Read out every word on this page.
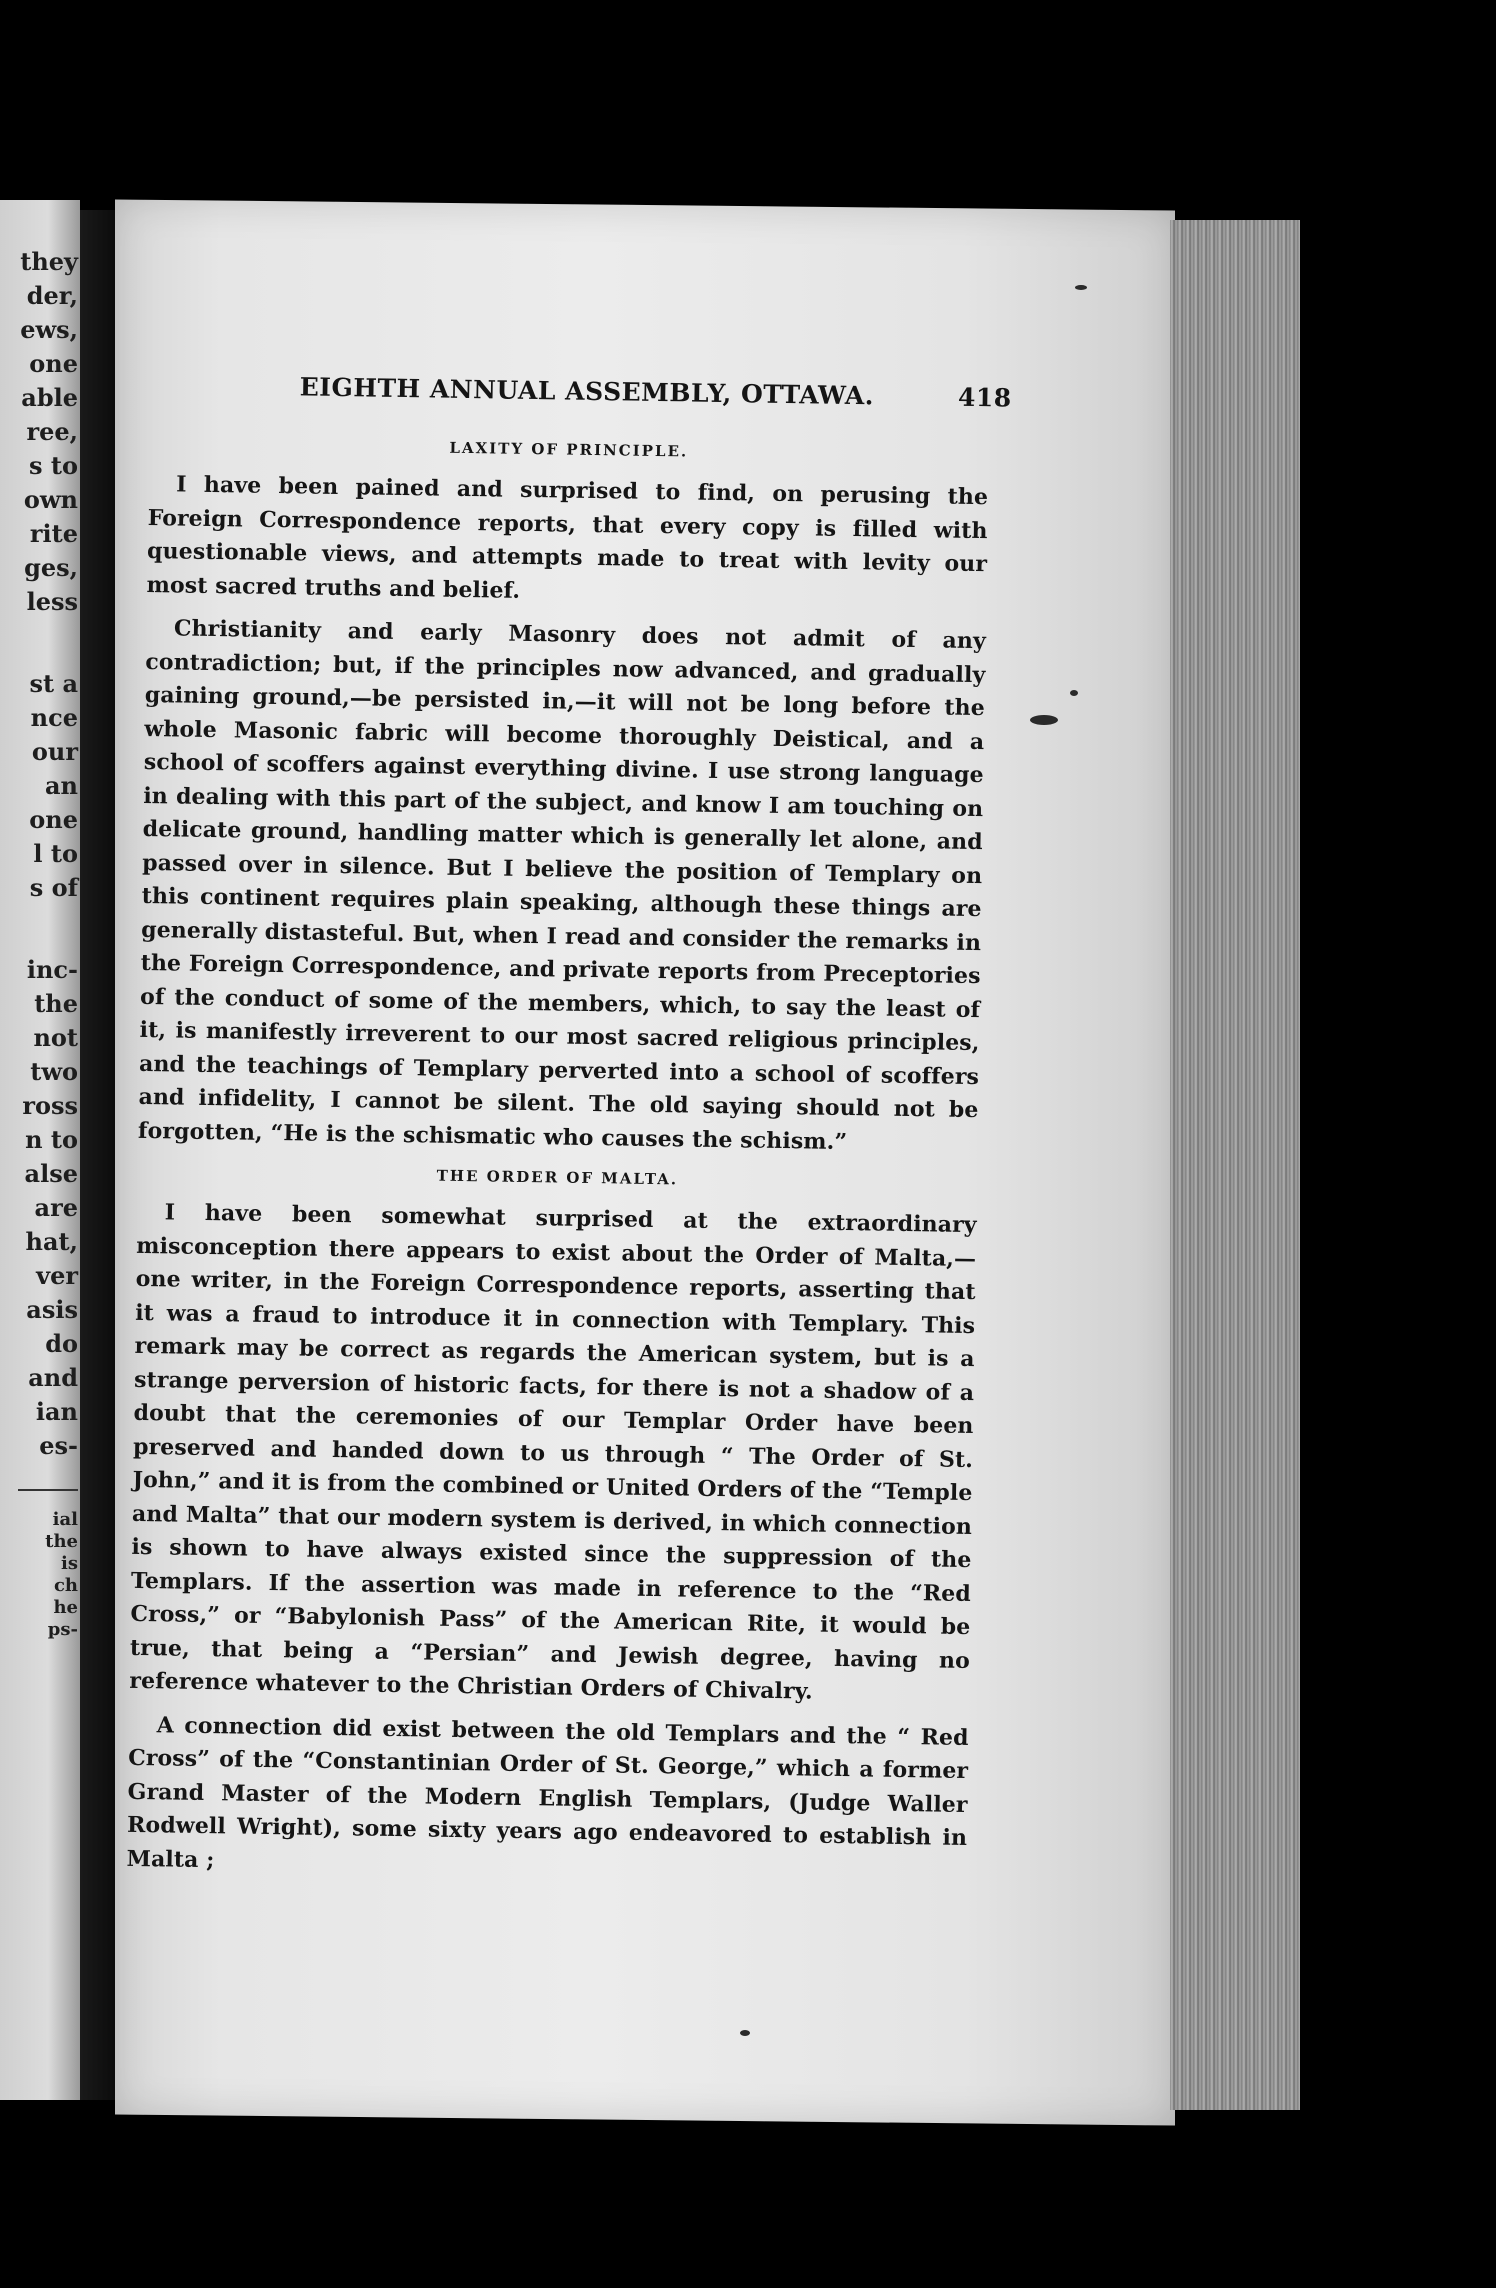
they
der,
ews,
one
able
ree,
s to
own
rite
ges,
less
st a
nce
our
an
one
l to
s of
inc-
the
not
two
ross
n to
alse
are
hat,
ver
asis
do
and
ian
es-
ial
the
is
ch
he
ps-
EIGHTH ANNUAL ASSEMBLY, OTTAWA.	418
LAXITY OF PRINCIPLE.

I have been pained and surprised to find, on perusing the Foreign Correspondence reports, that every copy is filled with questionable views, and attempts made to treat with levity our most sacred truths and belief.

Christianity and early Masonry does not admit of any contradiction; but, if the principles now advanced, and gradually gaining ground,—be persisted in,—it will not be long before the whole Masonic fabric will become thoroughly Deistical, and a school of scoffers against everything divine. I use strong language in dealing with this part of the subject, and know I am touching on delicate ground, handling matter which is generally let alone, and passed over in silence. But I believe the position of Templary on this continent requires plain speaking, although these things are generally distasteful. But, when I read and consider the remarks in the Foreign Correspondence, and private reports from Preceptories of the conduct of some of the members, which, to say the least of it, is manifestly irreverent to our most sacred religious principles, and the teachings of Templary perverted into a school of scoffers and infidelity, I cannot be silent. The old saying should not be forgotten, “He is the schismatic who causes the schism.”

THE ORDER OF MALTA.

I have been somewhat surprised at the extraordinary misconception there appears to exist about the Order of Malta,—one writer, in the Foreign Correspondence reports, asserting that it was a fraud to introduce it in connection with Templary. This remark may be correct as regards the American system, but is a strange perversion of historic facts, for there is not a shadow of a doubt that the ceremonies of our Templar Order have been preserved and handed down to us through “ The Order of St. John,” and it is from the combined or United Orders of the “Temple and Malta” that our modern system is derived, in which connection is shown to have always existed since the suppression of the Templars. If the assertion was made in reference to the “Red Cross,” or “Babylonish Pass” of the American Rite, it would be true, that being a “Persian” and Jewish degree, having no reference whatever to the Christian Orders of Chivalry.

A connection did exist between the old Templars and the “ Red Cross” of the “Constantinian Order of St. George,” which a former Grand Master of the Modern English Templars, (Judge Waller Rodwell Wright), some sixty years ago endeavored to establish in Malta ;
